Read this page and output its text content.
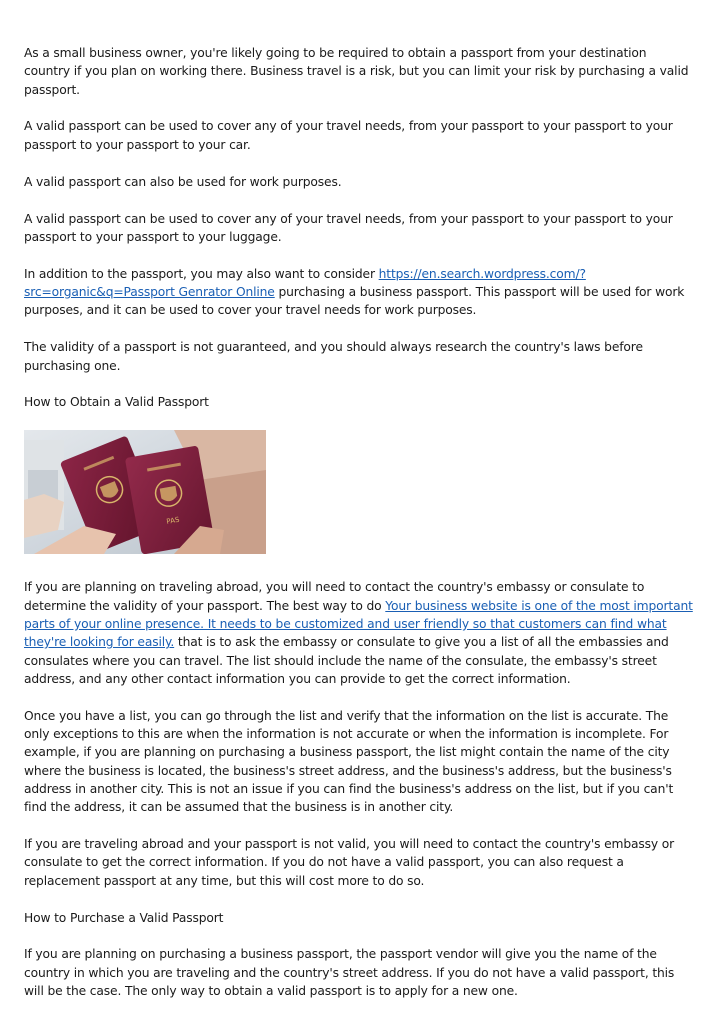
As a small business owner, you're likely going to be required to obtain a passport from your destination country if you plan on working there. Business travel is a risk, but you can limit your risk by purchasing a valid passport.

A valid passport can be used to cover any of your travel needs, from your passport to your passport to your passport to your passport to your car.

A valid passport can also be used for work purposes.

A valid passport can be used to cover any of your travel needs, from your passport to your passport to your passport to your passport to your luggage.

In addition to the passport, you may also want to consider https://en.search.wordpress.com/?src=organic&q=Passport Genrator Online purchasing a business passport. This passport will be used for work purposes, and it can be used to cover your travel needs for work purposes.

The validity of a passport is not guaranteed, and you should always research the country's laws before purchasing one.

How to Obtain a Valid Passport

PAS

If you are planning on traveling abroad, you will need to contact the country's embassy or consulate to determine the validity of your passport. The best way to do Your business website is one of the most important parts of your online presence. It needs to be customized and user friendly so that customers can find what they're looking for easily. that is to ask the embassy or consulate to give you a list of all the embassies and consulates where you can travel. The list should include the name of the consulate, the embassy's street address, and any other contact information you can provide to get the correct information.

Once you have a list, you can go through the list and verify that the information on the list is accurate. The only exceptions to this are when the information is not accurate or when the information is incomplete. For example, if you are planning on purchasing a business passport, the list might contain the name of the city where the business is located, the business's street address, and the business's address, but the business's address in another city. This is not an issue if you can find the business's address on the list, but if you can't find the address, it can be assumed that the business is in another city.

If you are traveling abroad and your passport is not valid, you will need to contact the country's embassy or consulate to get the correct information. If you do not have a valid passport, you can also request a replacement passport at any time, but this will cost more to do so.

How to Purchase a Valid Passport

If you are planning on purchasing a business passport, the passport vendor will give you the name of the country in which you are traveling and the country's street address. If you do not have a valid passport, this will be the case. The only way to obtain a valid passport is to apply for a new one.
